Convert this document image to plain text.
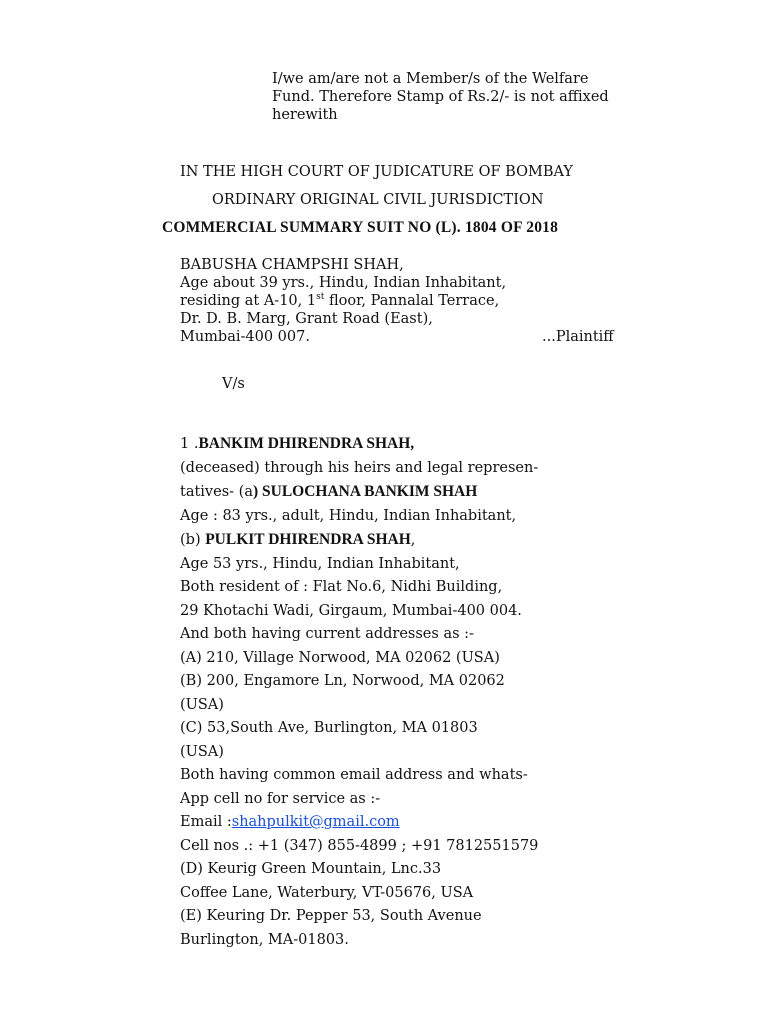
I/we am/are not a Member/s of the Welfare
Fund. Therefore Stamp of Rs.2/- is not affixed
herewith
IN THE HIGH COURT OF JUDICATURE OF BOMBAY
ORDINARY ORIGINAL CIVIL JURISDICTION
COMMERCIAL SUMMARY SUIT NO (L). 1804 OF 2018
BABUSHA CHAMPSHI SHAH,
Age about 39 yrs., Hindu, Indian Inhabitant,
residing at A-10, 1st floor, Pannalal Terrace,
Dr. D. B. Marg, Grant Road (East),
Mumbai-400 007.	...Plaintiff
V/s
1 .BANKIM DHIRENDRA SHAH,
(deceased) through his heirs and legal represen-
tatives- (a) SULOCHANA BANKIM SHAH
Age : 83 yrs., adult, Hindu, Indian Inhabitant,
(b) PULKIT DHIRENDRA SHAH,
Age 53 yrs., Hindu, Indian Inhabitant,
Both resident of : Flat No.6, Nidhi Building,
29 Khotachi Wadi, Girgaum, Mumbai-400 004.
And both having current addresses as :-
(A) 210, Village Norwood, MA 02062 (USA)
(B) 200, Engamore Ln, Norwood, MA 02062
(USA)
(C) 53,South Ave, Burlington, MA 01803
(USA)
Both having common email address and whats-
App cell no for service as :-
Email :shahpulkit@gmail.com
Cell nos .: +1 (347) 855-4899 ; +91 7812551579
(D) Keurig Green Mountain, Lnc.33
Coffee Lane, Waterbury, VT-05676, USA
(E) Keuring Dr. Pepper 53, South Avenue
Burlington, MA-01803.
